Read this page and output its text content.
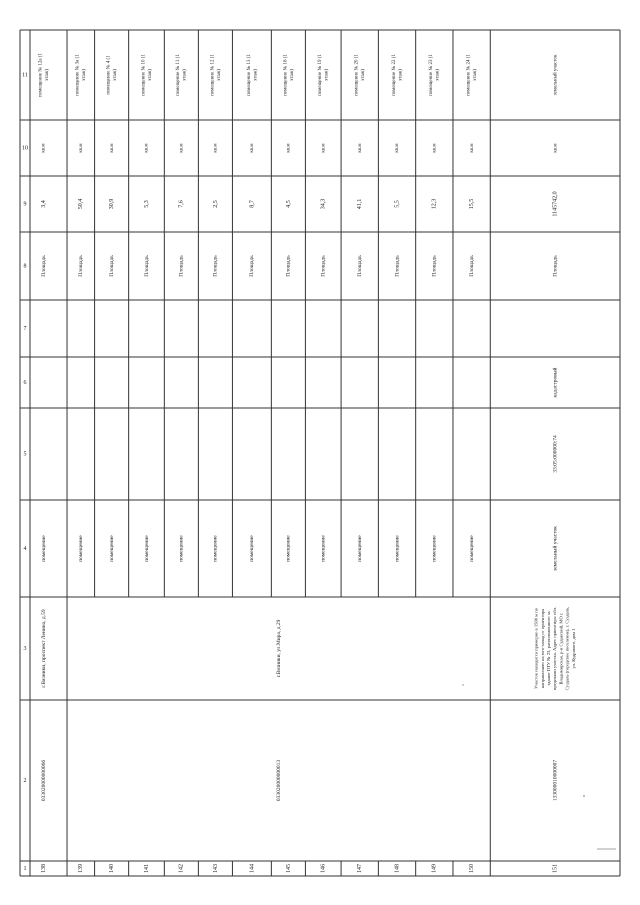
1
2
3
4
5
6
7
8
9
10
11
138
помещение
Площадь
3,4
кв.м
помещение № 12а (1 этаж)
139
помещение
Площадь
50,4
кв.м
помещение № 3а (1 этаж)
140
помещение
Площадь
30,9
кв.м
помещение № 4 (1 этаж)
141
помещение
Площадь
5,3
кв.м
помещение № 10 (1 этаж)
142
помещение
Площадь
7,6
кв.м
помещение № 11 (1 этаж)
143
помещение
Площадь
2,5
кв.м
помещение № 12 (1 этаж)
144
помещение
Площадь
8,7
кв.м
помещение № 13 (1 этаж)
145
помещение
Площадь
4,5
кв.м
помещение № 16 (1 этаж)
146
помещение
Площадь
34,3
кв.м
помещение № 19 (1 этаж)
147
помещение
Площадь
41,1
кв.м
помещение № 20 (1 этаж)
148
помещение
Площадь
5,5
кв.м
помещение № 22 (1 этаж)
149
помещение
Площадь
12,3
кв.м
помещение № 23 (1 этаж)
150
помещение
Площадь
15,5
кв.м
помещение № 24 (1 этаж)
151
земельный участок
33:05:000000:74
кадастровый
Площадь
1145742,0
кв.м
земельный участок
033020000000066
г.Вязники, проспект Ленина, д.59
033020000000013
г.Вязники, ул.Мира, д.29
133000010000007
Участок находится примерно в 1500 м по направлению на юго-запад от ориентира здание ПТУ № 23, расположенного за пределами участка. Адрес ориентира: обл. Владимирская, р-н Судакский, МО г. Суздаль (городское поселение), г. Суздаль, ул. Кудрявого, дом 1
